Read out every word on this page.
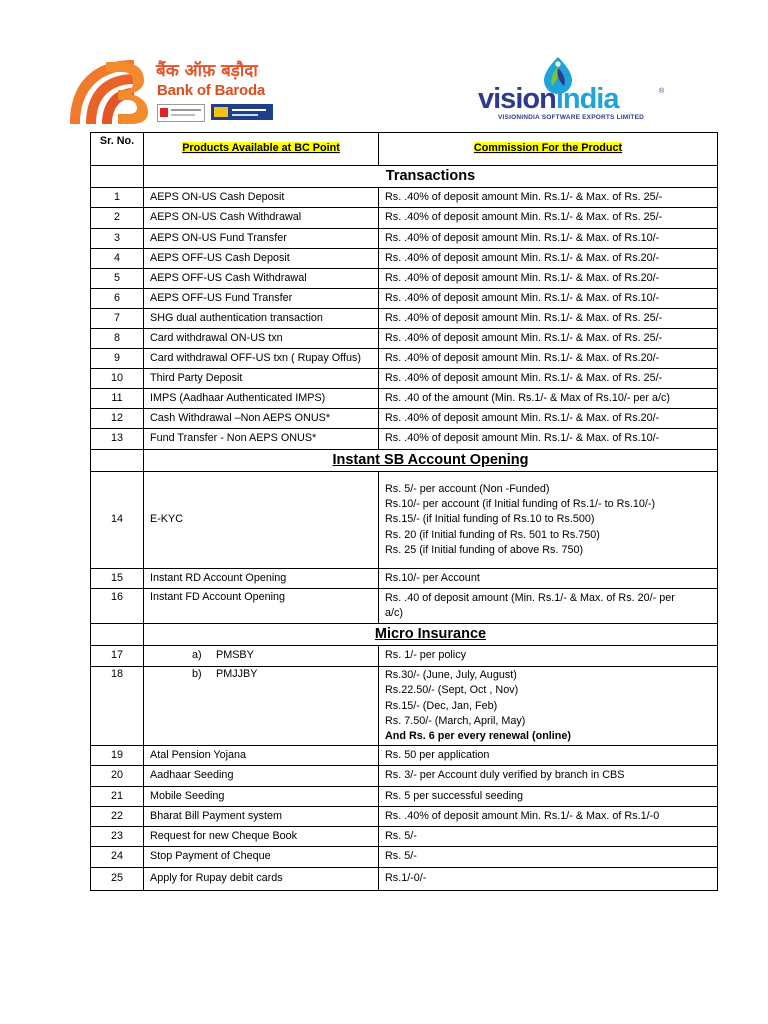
बैंक ऑफ़ बड़ौदा
Bank of Baroda	visionindia	®
VISIONINDIA SOFTWARE EXPORTS LIMITED
Sr. No.	Products Available at BC Point	Commission For the Product
	Transactions	
1	AEPS ON-US Cash Deposit	Rs. .40% of deposit amount Min. Rs.1/- & Max. of Rs. 25/-
2	AEPS ON-US Cash Withdrawal	Rs. .40% of deposit amount Min. Rs.1/- & Max. of Rs. 25/-
3	AEPS ON-US Fund Transfer	Rs. .40% of deposit amount Min. Rs.1/- & Max. of Rs.10/-
4	AEPS OFF-US Cash Deposit	Rs. .40% of deposit amount Min. Rs.1/- & Max. of Rs.20/-
5	AEPS OFF-US Cash Withdrawal	Rs. .40% of deposit amount Min. Rs.1/- & Max. of Rs.20/-
6	AEPS OFF-US Fund Transfer	Rs. .40% of deposit amount Min. Rs.1/- & Max. of Rs.10/-
7	SHG dual authentication transaction	Rs. .40% of deposit amount Min. Rs.1/- & Max. of Rs. 25/-
8	Card withdrawal ON-US txn	Rs. .40% of deposit amount Min. Rs.1/- & Max. of Rs. 25/-
9	Card withdrawal OFF-US txn ( Rupay Offus)	Rs. .40% of deposit amount Min. Rs.1/- & Max. of Rs.20/-
10	Third Party Deposit	Rs. .40% of deposit amount Min. Rs.1/- & Max. of Rs. 25/-
11	IMPS (Aadhaar Authenticated IMPS)	Rs. .40 of the amount (Min. Rs.1/- & Max of Rs.10/- per a/c)
12	Cash Withdrawal –Non AEPS ONUS*	Rs. .40% of deposit amount Min. Rs.1/- & Max. of Rs.20/-
13	Fund Transfer - Non AEPS ONUS*	Rs. .40% of deposit amount Min. Rs.1/- & Max. of Rs.10/-
	Instant SB Account Opening	
14	E-KYC	Rs. 5/- per account (Non -Funded)
Rs.10/- per account (if Initial funding of Rs.1/- to Rs.10/-)
Rs.15/- (if Initial funding of Rs.10 to Rs.500)
Rs. 20 (if Initial funding of Rs. 501 to Rs.750)
Rs. 25 (if Initial funding of above Rs. 750)

15	Instant RD Account Opening	Rs.10/- per Account
16	Instant FD Account Opening	Rs. .40 of deposit amount (Min. Rs.1/- & Max. of Rs. 20/- per
a/c)

	Micro Insurance	
17	a) PMSBY	Rs. 1/- per policy
18	b) PMJJBY	Rs.30/- (June, July, August)
Rs.22.50/- (Sept, Oct , Nov)
Rs.15/- (Dec, Jan, Feb)
Rs. 7.50/- (March, April, May)
And Rs. 6 per every renewal (online)

19	Atal Pension Yojana	Rs. 50 per application
20	Aadhaar Seeding	Rs. 3/- per Account duly verified by branch in CBS
21	Mobile Seeding	Rs. 5 per successful seeding
22	Bharat Bill Payment system	Rs. .40% of deposit amount Min. Rs.1/- & Max. of Rs.1/-0
23	Request for new Cheque Book	Rs. 5/-
24	Stop Payment of Cheque	Rs. 5/-
25	Apply for Rupay debit cards	Rs.1/-0/-
